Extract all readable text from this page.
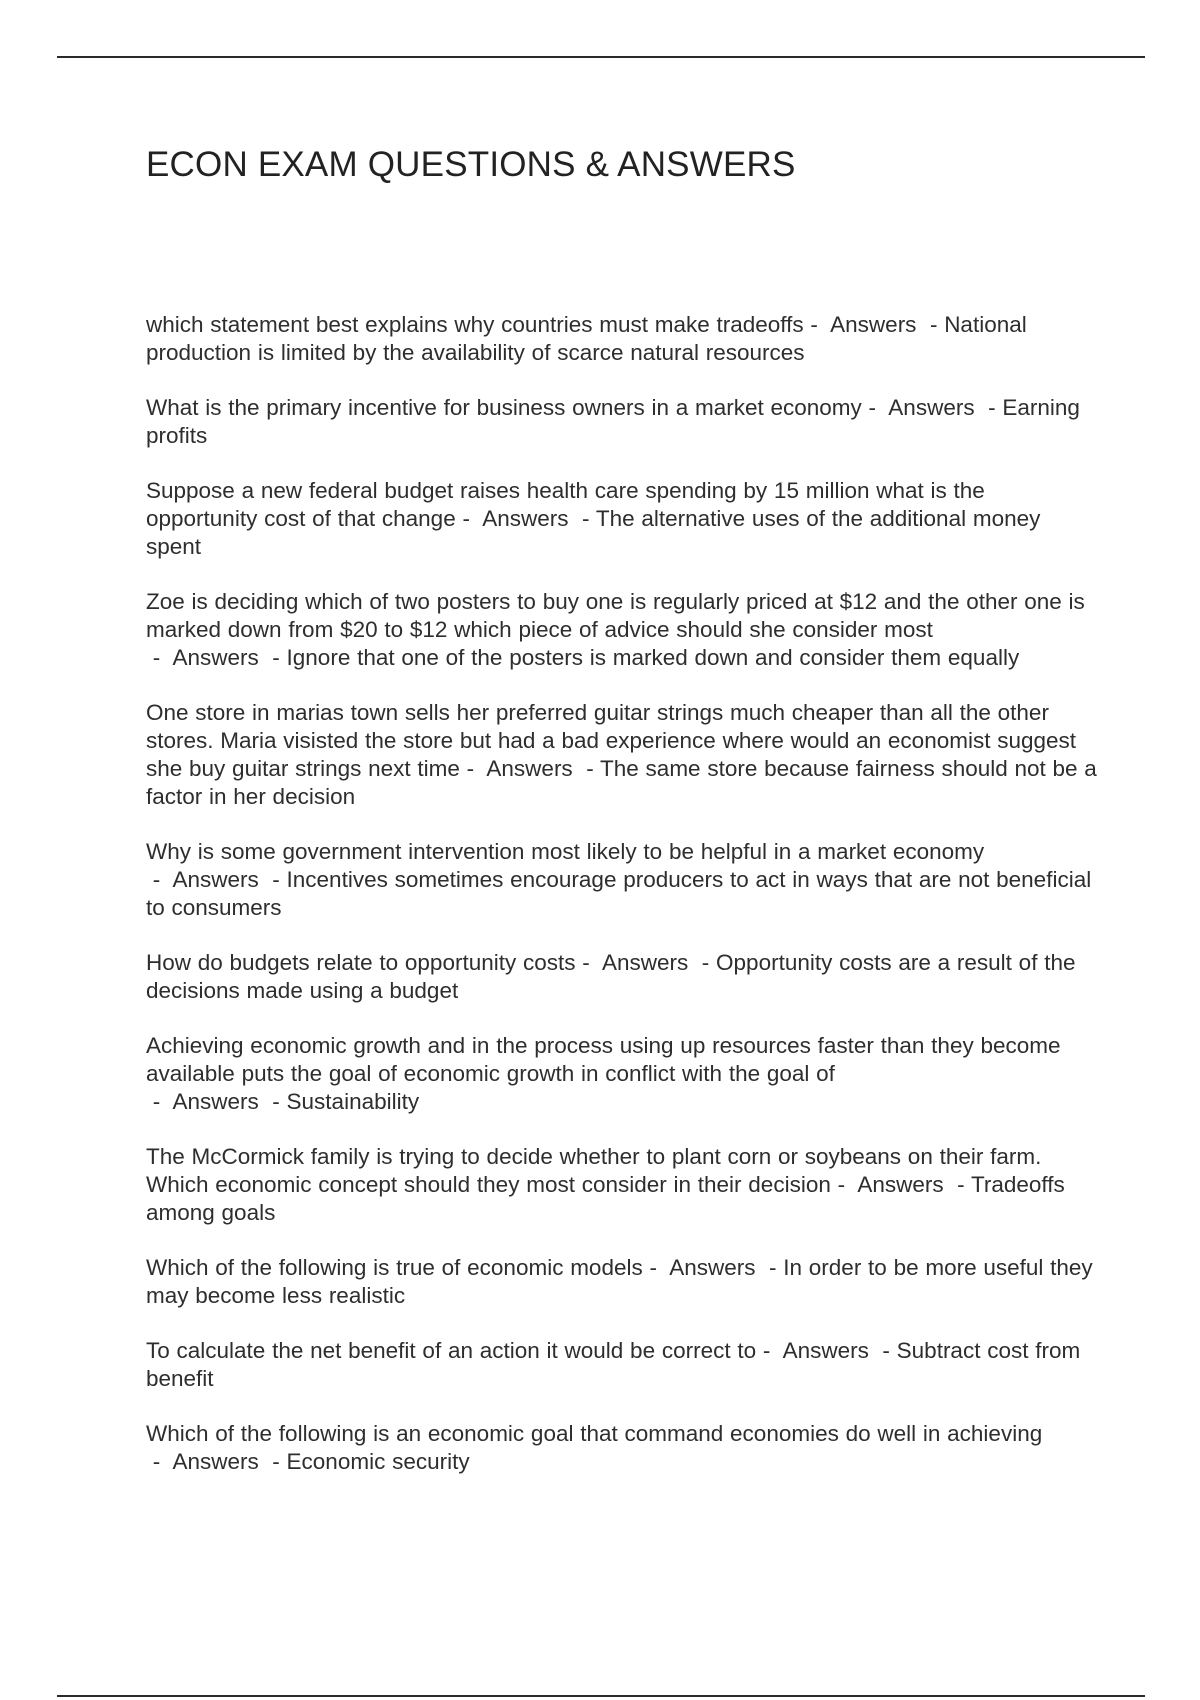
ECON EXAM QUESTIONS & ANSWERS

which statement best explains why countries must make tradeoffs -  Answers  - National production is limited by the availability of scarce natural resources

What is the primary incentive for business owners in a market economy -  Answers  - Earning profits

Suppose a new federal budget raises health care spending by 15 million what is the opportunity cost of that change -  Answers  - The alternative uses of the additional money spent

Zoe is deciding which of two posters to buy one is regularly priced at $12 and the other one is marked down from $20 to $12 which piece of advice should she consider most -  Answers  - Ignore that one of the posters is marked down and consider them equally

One store in marias town sells her preferred guitar strings much cheaper than all the other stores. Maria visisted the store but had a bad experience where would an economist suggest she buy guitar strings next time -  Answers  - The same store because fairness should not be a factor in her decision

Why is some government intervention most likely to be helpful in a market economy -  Answers  - Incentives sometimes encourage producers to act in ways that are not beneficial to consumers

How do budgets relate to opportunity costs -  Answers  - Opportunity costs are a result of the decisions made using a budget

Achieving economic growth and in the process using up resources faster than they become available puts the goal of economic growth in conflict with the goal of -  Answers  - Sustainability

The McCormick family is trying to decide whether to plant corn or soybeans on their farm. Which economic concept should they most consider in their decision -  Answers  - Tradeoffs among goals

Which of the following is true of economic models -  Answers  - In order to be more useful they may become less realistic

To calculate the net benefit of an action it would be correct to -  Answers  - Subtract cost from benefit

Which of the following is an economic goal that command economies do well in achieving -  Answers  - Economic security
